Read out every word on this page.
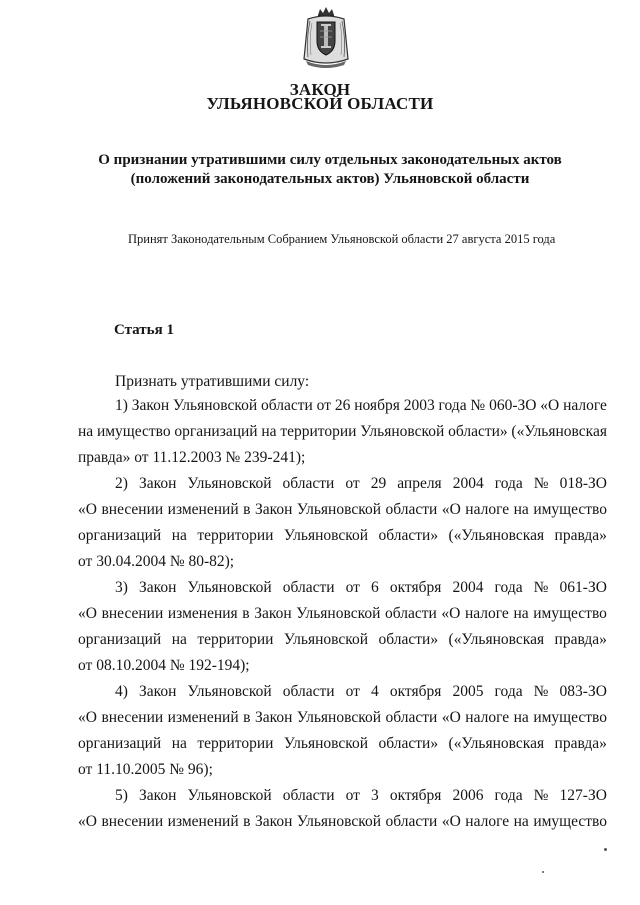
ЗАКОН
УЛЬЯНОВСКОЙ ОБЛАСТИ
О признании утратившими силу отдельных законодательных актов
(положений законодательных актов) Ульяновской области
Принят Законодательным Собранием Ульяновской области 27 августа 2015 года
Статья 1
Признать утратившими силу:
1) Закон Ульяновской области от 26 ноября 2003 года № 060-ЗО «О налоге
на имущество организаций на территории Ульяновской области» («Ульяновская
правда» от 11.12.2003 № 239-241);
2) Закон Ульяновской области от 29 апреля 2004 года № 018-ЗО
«О внесении изменений в Закон Ульяновской области «О налоге на имущество
организаций на территории Ульяновской области» («Ульяновская правда»
от 30.04.2004 № 80-82);
3) Закон Ульяновской области от 6 октября 2004 года № 061-ЗО
«О внесении изменения в Закон Ульяновской области «О налоге на имущество
организаций на территории Ульяновской области» («Ульяновская правда»
от 08.10.2004 № 192-194);
4) Закон Ульяновской области от 4 октября 2005 года № 083-ЗО
«О внесении изменений в Закон Ульяновской области «О налоге на имущество
организаций на территории Ульяновской области» («Ульяновская правда»
от 11.10.2005 № 96);
5) Закон Ульяновской области от 3 октября 2006 года № 127-ЗО
«О внесении изменений в Закон Ульяновской области «О налоге на имущество
